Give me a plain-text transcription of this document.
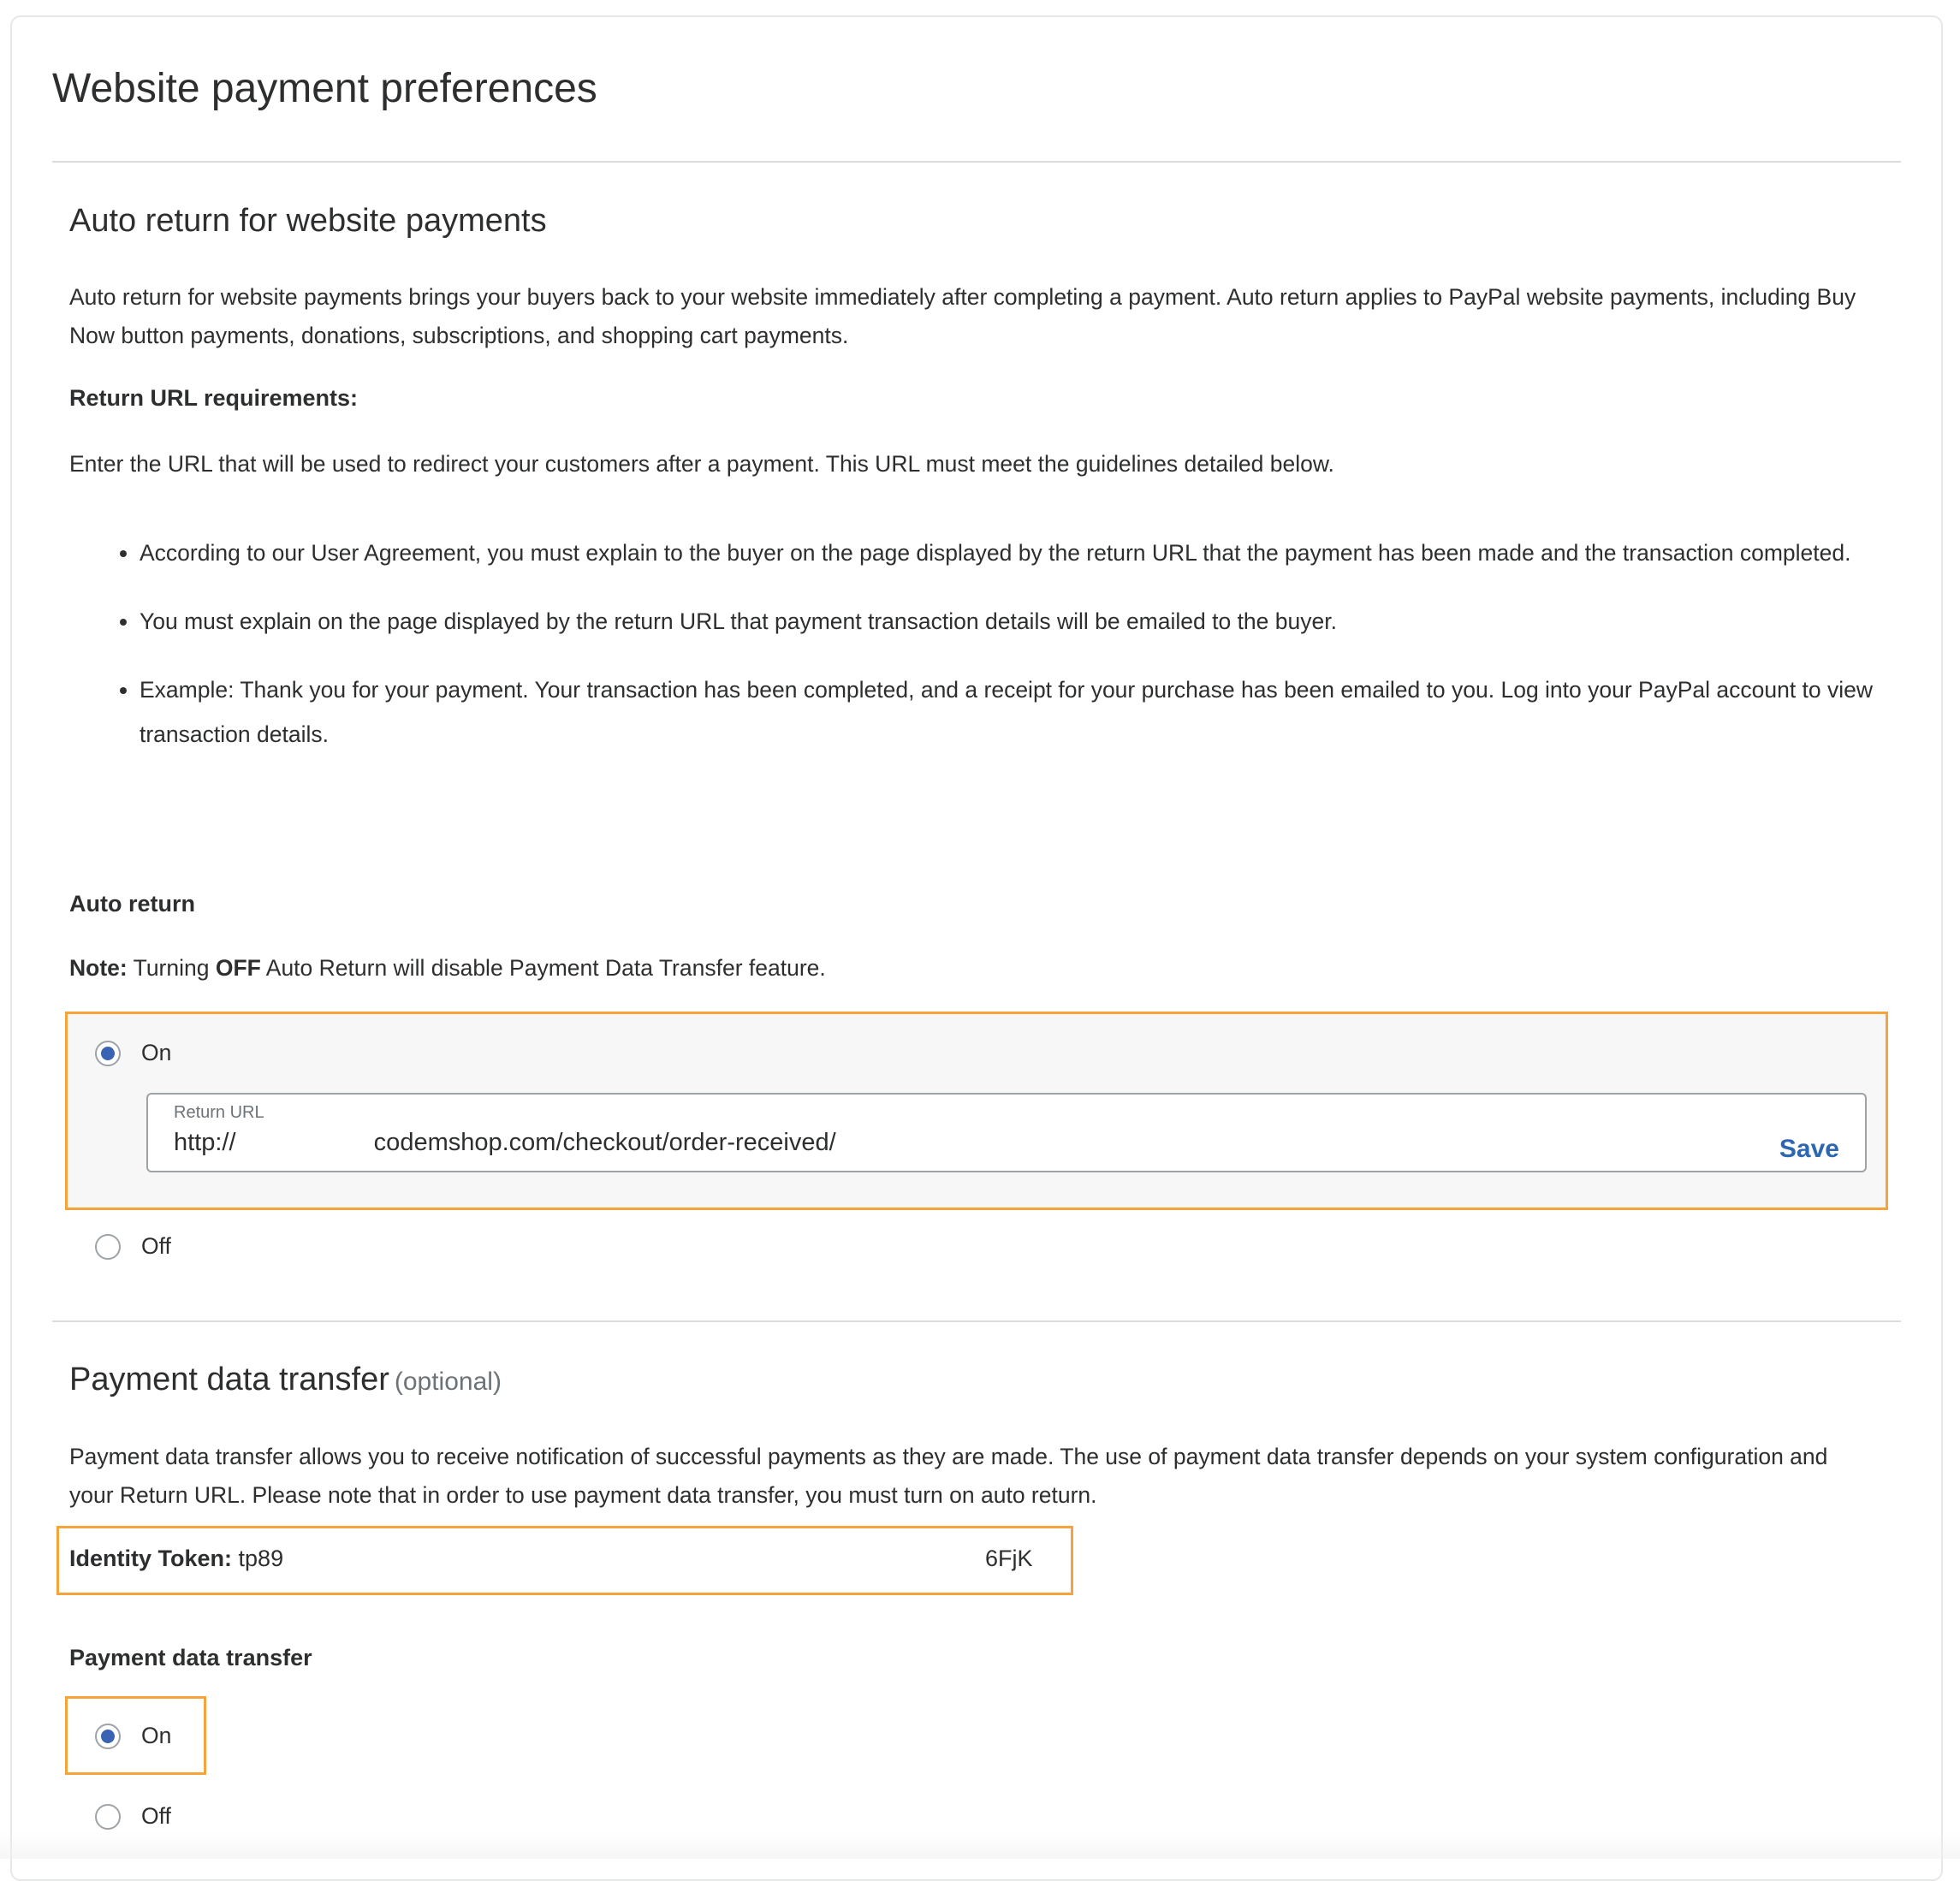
Website payment preferences
Auto return for website payments

Auto return for website payments brings your buyers back to your website immediately after completing a payment. Auto return applies to PayPal website payments, including Buy Now button payments, donations, subscriptions, and shopping cart payments.

Return URL requirements:

Enter the URL that will be used to redirect your customers after a payment. This URL must meet the guidelines detailed below.

• According to our User Agreement, you must explain to the buyer on the page displayed by the return URL that the payment has been made and the transaction completed.
• You must explain on the page displayed by the return URL that payment transaction details will be emailed to the buyer.
• Example: Thank you for your payment. Your transaction has been completed, and a receipt for your purchase has been emailed to you. Log into your PayPal account to view transaction details.

Auto return

Note: Turning OFF Auto Return will disable Payment Data Transfer feature.

On
Return URL
http://                    codemshop.com/checkout/order-received/	Save
Off
Payment data transfer (optional)

Payment data transfer allows you to receive notification of successful payments as they are made. The use of payment data transfer depends on your system configuration and your Return URL. Please note that in order to use payment data transfer, you must turn on auto return.

Identity Token: tp89	6FjK

Payment data transfer

On
Off
